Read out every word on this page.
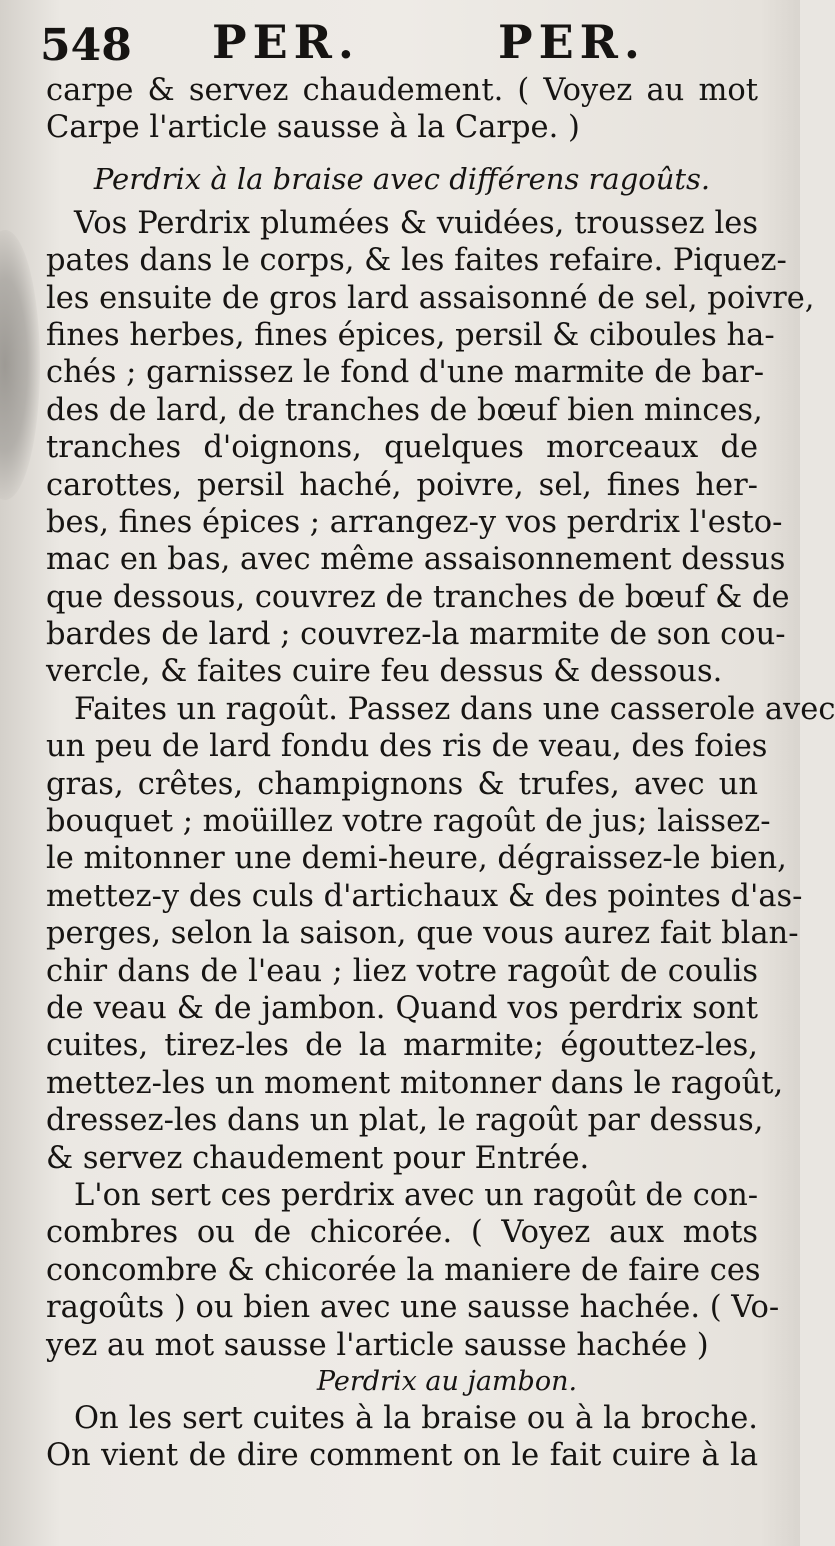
548 PER.	PER.
carpe & servez chaudement. ( Voyez au mot
Carpe l'article sausse à la Carpe. )
Perdrix à la braise avec différens ragoûts.
Vos Perdrix plumées & vuidées, troussez les
pates dans le corps, & les faites refaire. Piquez-
les ensuite de gros lard assaisonné de sel, poivre,
fines herbes, fines épices, persil & ciboules ha-
chés ; garnissez le fond d'une marmite de bar-
des de lard, de tranches de bœuf bien minces,
tranches d'oignons, quelques morceaux de
carottes, persil haché, poivre, sel, fines her-
bes, fines épices ; arrangez-y vos perdrix l'esto-
mac en bas, avec même assaisonnement dessus
que dessous, couvrez de tranches de bœuf & de
bardes de lard ; couvrez-la marmite de son cou-
vercle, & faites cuire feu dessus & dessous.
Faites un ragoût. Passez dans une casserole avec
un peu de lard fondu des ris de veau, des foies
gras, crêtes, champignons & trufes, avec un
bouquet ; moüillez votre ragoût de jus; laissez-
le mitonner une demi-heure, dégraissez-le bien,
mettez-y des culs d'artichaux & des pointes d'as-
perges, selon la saison, que vous aurez fait blan-
chir dans de l'eau ; liez votre ragoût de coulis
de veau & de jambon. Quand vos perdrix sont
cuites, tirez-les de la marmite; égouttez-les,
mettez-les un moment mitonner dans le ragoût,
dressez-les dans un plat, le ragoût par dessus,
& servez chaudement pour Entrée.
L'on sert ces perdrix avec un ragoût de con-
combres ou de chicorée. ( Voyez aux mots
concombre & chicorée la maniere de faire ces
ragoûts ) ou bien avec une sausse hachée. ( Vo-
yez au mot sausse l'article sausse hachée )
Perdrix au jambon.
On les sert cuites à la braise ou à la broche.
On vient de dire comment on le fait cuire à la
